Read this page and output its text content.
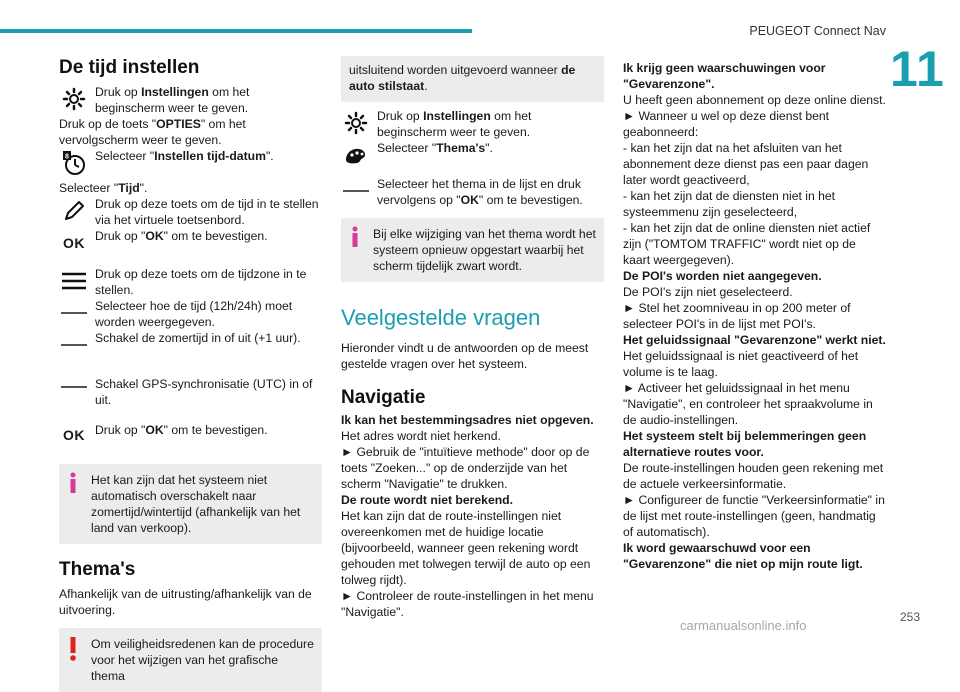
PEUGEOT Connect Nav
11
De tijd instellen

Druk op Instellingen om het beginscherm weer te geven.

Druk op de toets "OPTIES" om het vervolgscherm weer te geven.

8 Selecteer "Instellen tijd-datum".

Selecteer "Tijd".

Druk op deze toets om de tijd in te stellen via het virtuele toetsenbord.

OK Druk op "OK" om te bevestigen.

Druk op deze toets om de tijdzone in te stellen.

Selecteer hoe de tijd (12h/24h) moet worden weergegeven.

Schakel de zomertijd in of uit (+1 uur).

Schakel GPS-synchronisatie (UTC) in of uit.

OK Druk op "OK" om te bevestigen.

Het kan zijn dat het systeem niet automatisch overschakelt naar zomertijd/wintertijd (afhankelijk van het land van verkoop).

Thema's

Afhankelijk van de uitrusting/afhankelijk van de uitvoering.

Om veiligheidsredenen kan de procedure voor het wijzigen van het grafische thema

uitsluitend worden uitgevoerd wanneer de auto stilstaat.

Druk op Instellingen om het beginscherm weer te geven.

Selecteer "Thema's".

Selecteer het thema in de lijst en druk vervolgens op "OK" om te bevestigen.

Bij elke wijziging van het thema wordt het systeem opnieuw opgestart waarbij het scherm tijdelijk zwart wordt.

Veelgestelde vragen

Hieronder vindt u de antwoorden op de meest gestelde vragen over het systeem.

Navigatie

Ik kan het bestemmingsadres niet opgeven.

Het adres wordt niet herkend.

► Gebruik de "intuïtieve methode" door op de toets "Zoeken..." op de onderzijde van het scherm "Navigatie" te drukken.

De route wordt niet berekend.

Het kan zijn dat de route-instellingen niet overeenkomen met de huidige locatie (bijvoorbeeld, wanneer geen rekening wordt gehouden met tolwegen terwijl de auto op een tolweg rijdt).

► Controleer de route-instellingen in het menu "Navigatie".

Ik krijg geen waarschuwingen voor "Gevarenzone".

U heeft geen abonnement op deze online dienst.

► Wanneer u wel op deze dienst bent geabonneerd:

- kan het zijn dat na het afsluiten van het abonnement deze dienst pas een paar dagen later wordt geactiveerd,

- kan het zijn dat de diensten niet in het systeemmenu zijn geselecteerd,

- kan het zijn dat de online diensten niet actief zijn ("TOMTOM TRAFFIC" wordt niet op de kaart weergegeven).

De POI's worden niet aangegeven.

De POI's zijn niet geselecteerd.

► Stel het zoomniveau in op 200 meter of selecteer POI's in de lijst met POI's.

Het geluidssignaal "Gevarenzone" werkt niet.

Het geluidssignaal is niet geactiveerd of het volume is te laag.

► Activeer het geluidssignaal in het menu "Navigatie", en controleer het spraakvolume in de audio-instellingen.

Het systeem stelt bij belemmeringen geen alternatieve routes voor.

De route-instellingen houden geen rekening met de actuele verkeersinformatie.

► Configureer de functie "Verkeersinformatie" in de lijst met route-instellingen (geen, handmatig of automatisch).

Ik word gewaarschuwd voor een "Gevarenzone" die niet op mijn route ligt.

253
carmanualsonline.info
